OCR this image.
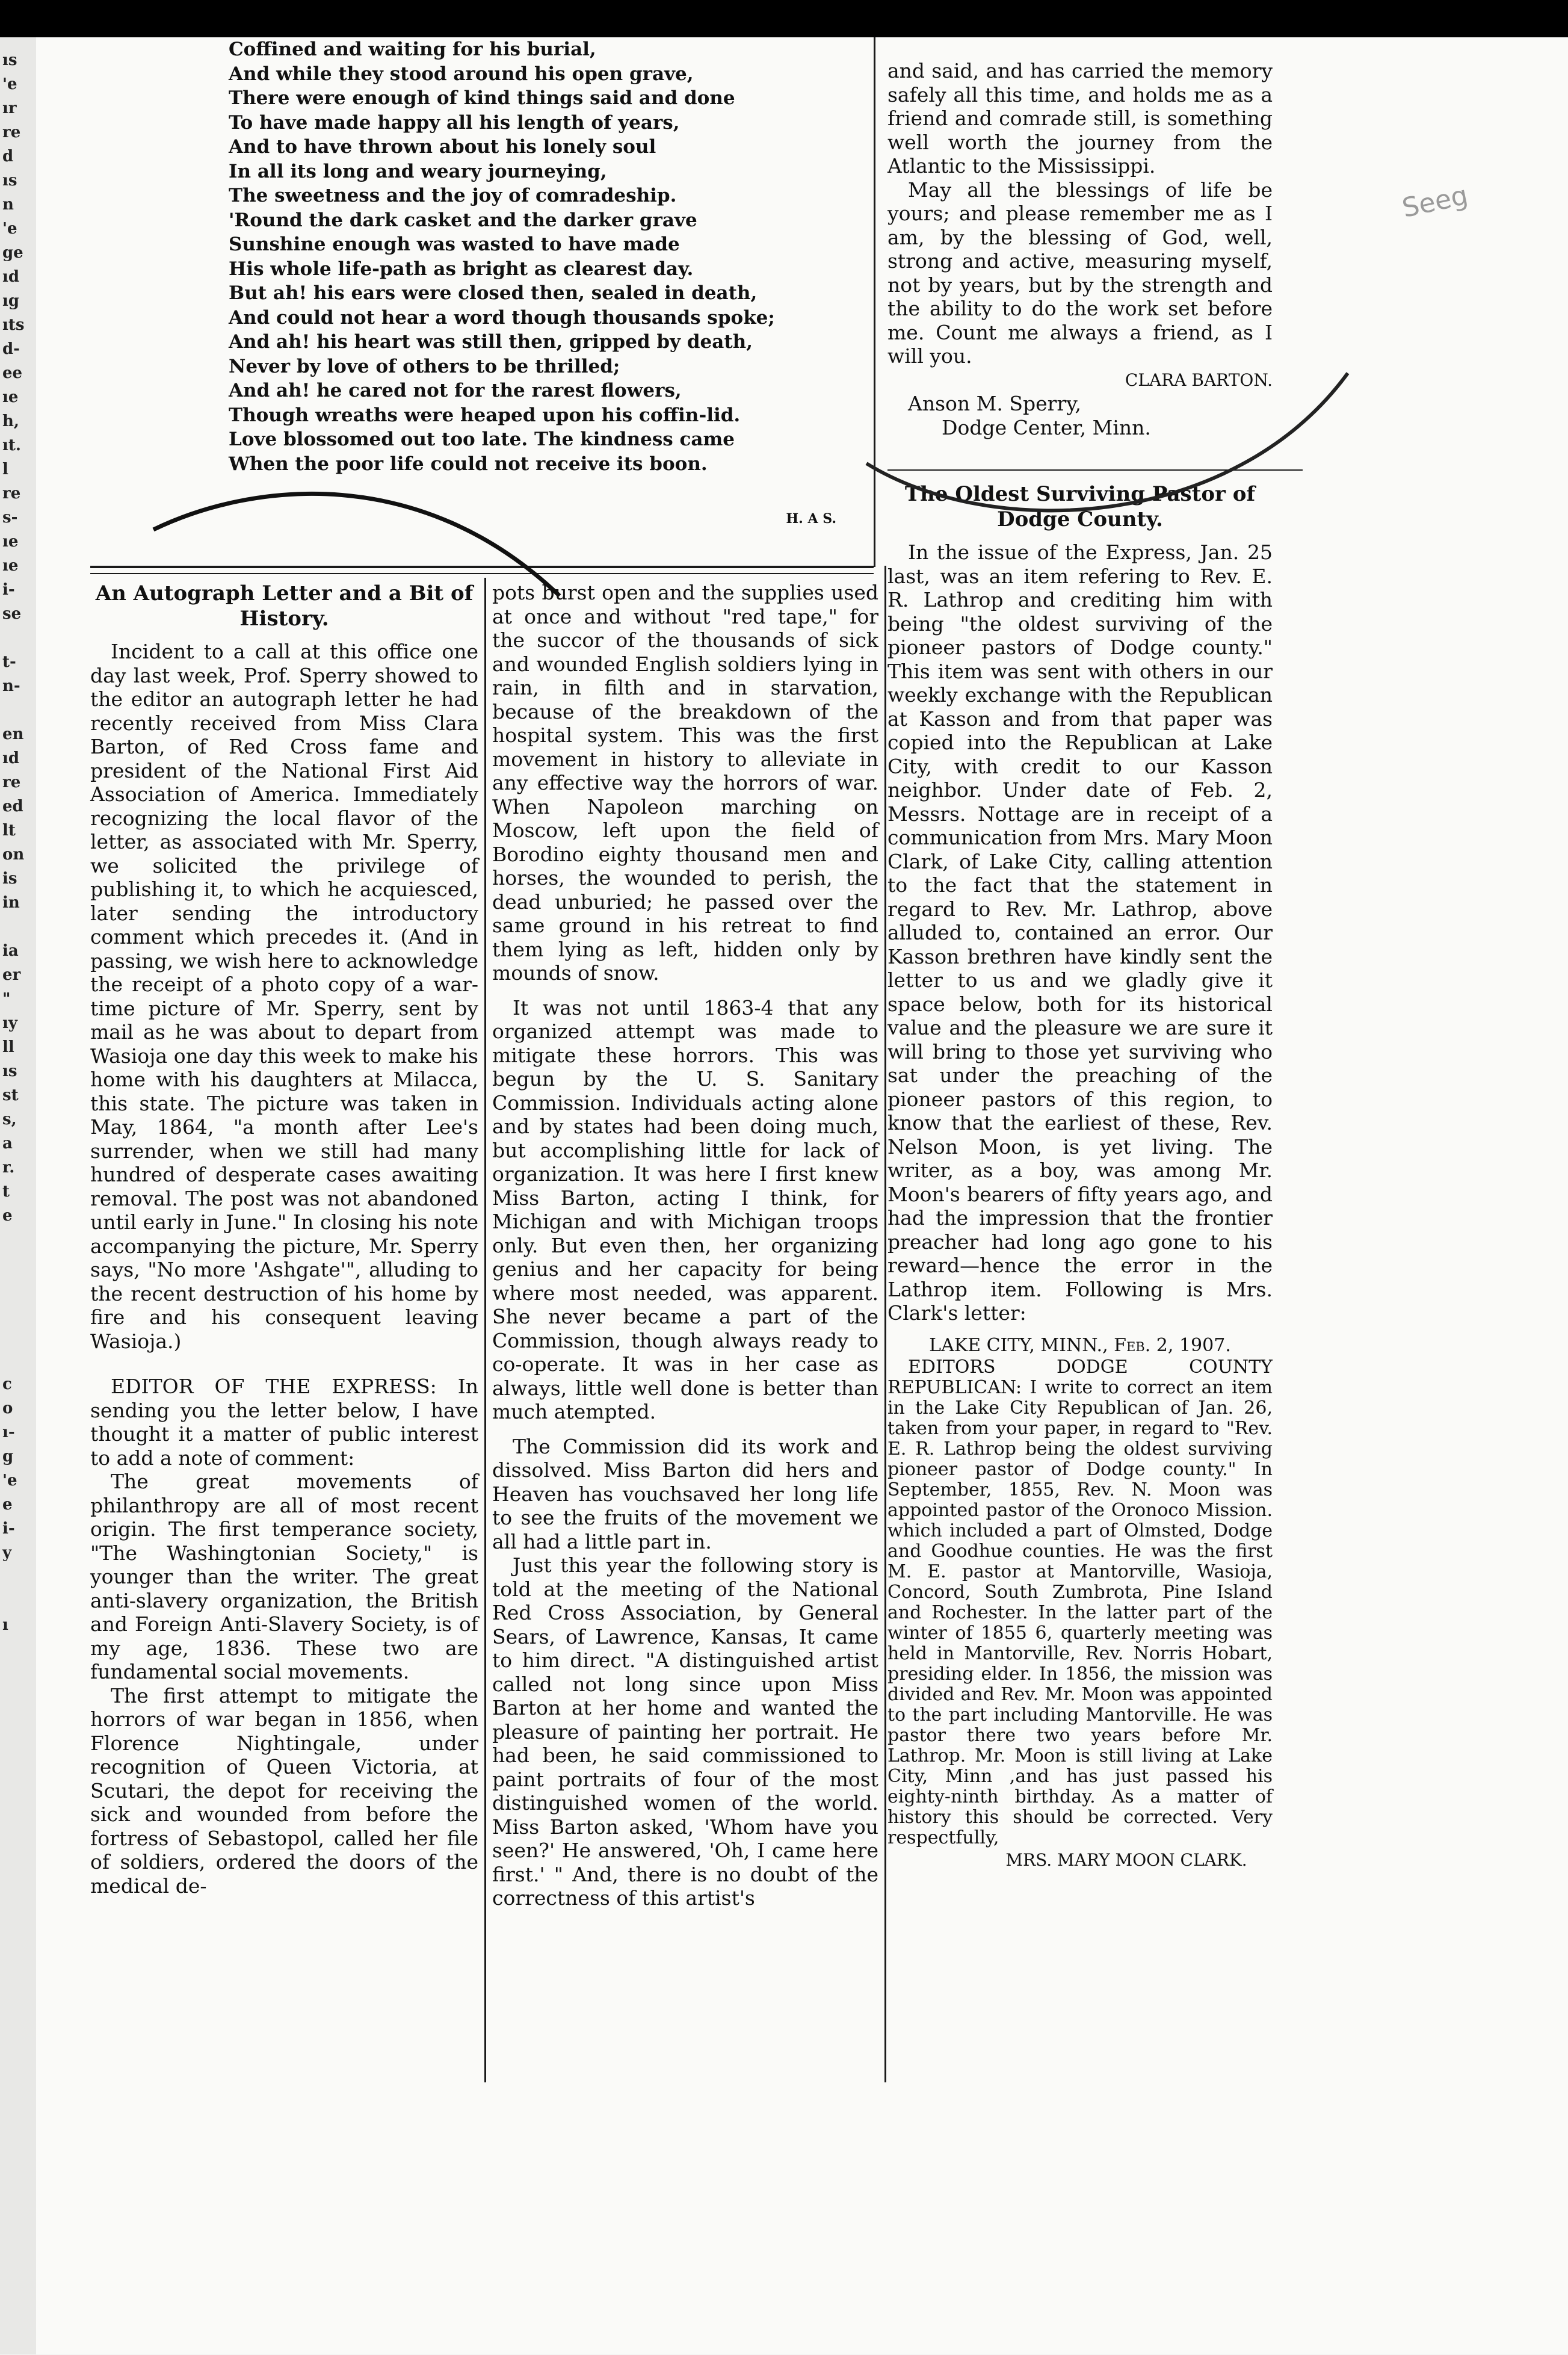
ıs
'e
ır
re
d
ıs
n
'e
ge
ıd
ıg
ıts
d-
ee
ıe
h,
ıt.
l
re
s-
ıe
ıe
i-
se
t-
n-
en
ıd
re
ed
lt
on
is
in
ia
er
"
ıy
ll
ıs
st
s,
a
r.
t
e
c
o
ı-
g
'e
e
i-
y
ı
Coffined and waiting for his burial,
And while they stood around his open grave,
There were enough of kind things said and done
To have made happy all his length of years,
And to have thrown about his lonely soul
In all its long and weary journeying,
The sweetness and the joy of comradeship.
'Round the dark casket and the darker grave
Sunshine enough was wasted to have made
His whole life-path as bright as clearest day.
But ah! his ears were closed then, sealed in death,
And could not hear a word though thousands spoke;
And ah! his heart was still then, gripped by death,
Never by love of others to be thrilled;
And ah! he cared not for the rarest flowers,
Though wreaths were heaped upon his coffin-lid.
Love blossomed out too late. The kindness came
When the poor life could not receive its boon.
H. A S.
An Autograph Letter and a Bit of History.

Incident to a call at this office one day last week, Prof. Sperry showed to the editor an autograph letter he had recently received from Miss Clara Barton, of Red Cross fame and president of the National First Aid Association of America. Immediately recognizing the local flavor of the letter, as associated with Mr. Sperry, we solicited the privilege of publishing it, to which he acquiesced, later sending the introductory comment which precedes it. (And in passing, we wish here to acknowledge the receipt of a photo copy of a war-time picture of Mr. Sperry, sent by mail as he was about to depart from Wasioja one day this week to make his home with his daughters at Milacca, this state. The picture was taken in May, 1864, "a month after Lee's surrender, when we still had many hundred of desperate cases awaiting removal. The post was not abandoned until early in June." In closing his note accompanying the picture, Mr. Sperry says, "No more 'Ashgate'", alluding to the recent destruction of his home by fire and his consequent leaving Wasioja.)

EDITOR OF THE EXPRESS: In sending you the letter below, I have thought it a matter of public interest to add a note of comment:

The great movements of philanthropy are all of most recent origin. The first temperance society, "The Washingtonian Society," is younger than the writer. The great anti-slavery organization, the British and Foreign Anti-Slavery Society, is of my age, 1836. These two are fundamental social movements.

The first attempt to mitigate the horrors of war began in 1856, when Florence Nightingale, under recognition of Queen Victoria, at Scutari, the depot for receiving the sick and wounded from before the fortress of Sebastopol, called her file of soldiers, ordered the doors of the medical de-

pots burst open and the supplies used at once and without "red tape," for the succor of the thousands of sick and wounded English soldiers lying in rain, in filth and in starvation, because of the breakdown of the hospital system. This was the first movement in history to alleviate in any effective way the horrors of war. When Napoleon marching on Moscow, left upon the field of Borodino eighty thousand men and horses, the wounded to perish, the dead unburied; he passed over the same ground in his retreat to find them lying as left, hidden only by mounds of snow.

It was not until 1863-4 that any organized attempt was made to mitigate these horrors. This was begun by the U. S. Sanitary Commission. Individuals acting alone and by states had been doing much, but accomplishing little for lack of organization. It was here I first knew Miss Barton, acting I think, for Michigan and with Michigan troops only. But even then, her organizing genius and her capacity for being where most needed, was apparent. She never became a part of the Commission, though always ready to co-operate. It was in her case as always, little well done is better than much atempted.

The Commission did its work and dissolved. Miss Barton did hers and Heaven has vouchsaved her long life to see the fruits of the movement we all had a little part in.

Just this year the following story is told at the meeting of the National Red Cross Association, by General Sears, of Lawrence, Kansas, It came to him direct. "A distinguished artist called not long since upon Miss Barton at her home and wanted the pleasure of painting her portrait. He had been, he said commissioned to paint portraits of four of the most distinguished women of the world. Miss Barton asked, 'Whom have you seen?' He answered, 'Oh, I came here first.' " And, there is no doubt of the correctness of this artist's

and said, and has carried the memory safely all this time, and holds me as a friend and comrade still, is something well worth the journey from the Atlantic to the Mississippi.

May all the blessings of life be yours; and please remember me as I am, by the blessing of God, well, strong and active, measuring myself, not by years, but by the strength and the ability to do the work set before me. Count me always a friend, as I will you.

CLARA BARTON.

Anson M. Sperry,

Dodge Center, Minn.

The Oldest Surviving Pastor of Dodge County.

In the issue of the Express, Jan. 25 last, was an item refering to Rev. E. R. Lathrop and crediting him with being "the oldest surviving of the pioneer pastors of Dodge county." This item was sent with others in our weekly exchange with the Republican at Kasson and from that paper was copied into the Republican at Lake City, with credit to our Kasson neighbor. Under date of Feb. 2, Messrs. Nottage are in receipt of a communication from Mrs. Mary Moon Clark, of Lake City, calling attention to the fact that the statement in regard to Rev. Mr. Lathrop, above alluded to, contained an error. Our Kasson brethren have kindly sent the letter to us and we gladly give it space below, both for its historical value and the pleasure we are sure it will bring to those yet surviving who sat under the preaching of the pioneer pastors of this region, to know that the earliest of these, Rev. Nelson Moon, is yet living. The writer, as a boy, was among Mr. Moon's bearers of fifty years ago, and had the impression that the frontier preacher had long ago gone to his reward—hence the error in the Lathrop item. Following is Mrs. Clark's letter:

LAKE CITY, MINN., Feb. 2, 1907.

EDITORS DODGE COUNTY REPUBLICAN: I write to correct an item in the Lake City Republican of Jan. 26, taken from your paper, in regard to "Rev. E. R. Lathrop being the oldest surviving pioneer pastor of Dodge county." In September, 1855, Rev. N. Moon was appointed pastor of the Oronoco Mission. which included a part of Olmsted, Dodge and Goodhue counties. He was the first M. E. pastor at Mantorville, Wasioja, Concord, South Zumbrota, Pine Island and Rochester. In the latter part of the winter of 1855 6, quarterly meeting was held in Mantorville, Rev. Norris Hobart, presiding elder. In 1856, the mission was divided and Rev. Mr. Moon was appointed to the part including Mantorville. He was pastor there two years before Mr. Lathrop. Mr. Moon is still living at Lake City, Minn ,and has just passed his eighty-ninth birthday. As a matter of history this should be corrected. Very respectfully,

MRS. MARY MOON CLARK.

Seeg
